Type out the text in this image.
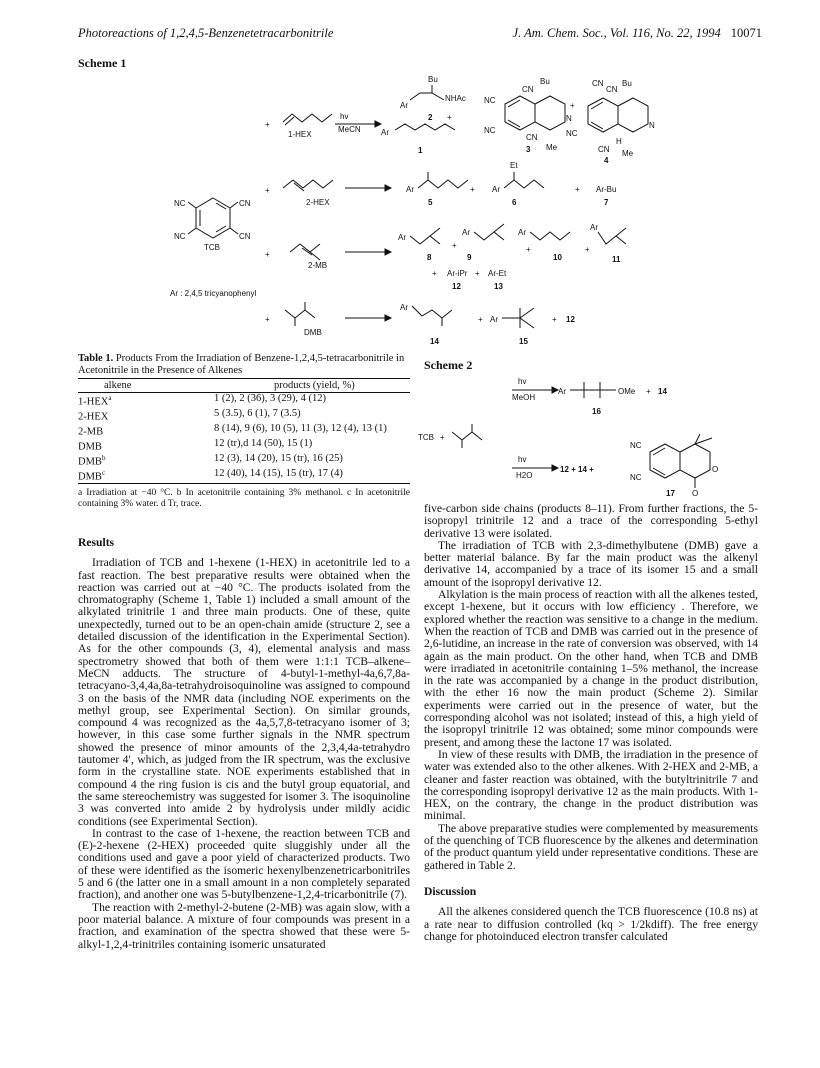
Photoreactions of 1,2,4,5-Benzenetetracarbonitrile	J. Am. Chem. Soc., Vol. 116, No. 22, 1994 10071
Scheme 1
NC	CN
NC	CN
TCB
Ar : 2,4,5 tricyanophenyl
+
1-HEX
hv
MeCN
Bu
Ar
NHAc
2 +
Ar
1
NC
NC
CN
CN
Bu
N
Me
3
+
CN
CN
Bu
NC
N
H
CN Me
4
+
2-HEX
Ar	+
5
Ar
Et
6
+ Ar-Bu
7
+
2-MB
Ar
8
+
Ar
9
+
Ar
10
+
Ar
11
+ Ar-iPr + Ar-Et
12	13
+
DMB
Ar
14
+ Ar
15
+ 12
Table 1. Products From the Irradiation of Benzene-1,2,4,5-tetracarbonitrile in Acetonitrile in the Presence of Alkenes
alkene	products (yield, %)
1-HEX$^a$	1 (2), 2 (36), 3 (29), 4 (12)
2-HEX	5 (3.5), 6 (1), 7 (3.5)
2-MB	8 (14), 9 (6), 10 (5), 11 (3), 12 (4), 13 (1)
DMB	12 (tr),d 14 (50), 15 (1)
DMB$^b$	12 (3), 14 (20), 15 (tr), 16 (25)
DMB$^c$	12 (40), 14 (15), 15 (tr), 17 (4)
a Irradiation at −40 °C. b In acetonitrile containing 3% methanol. c In acetonitrile containing 3% water. d Tr, trace.
Scheme 2
TCB +
hv
MeOH
Ar	OMe + 14
16
hv
H2O
12 + 14 +
NC
NC
O
O
17
Results

Irradiation of TCB and 1-hexene (1-HEX) in acetonitrile led to a fast reaction. The best preparative results were obtained when the reaction was carried out at −40 °C. The products isolated from the chromatography (Scheme 1, Table 1) included a small amount of the alkylated trinitrile 1 and three main products. One of these, quite unexpectedly, turned out to be an open-chain amide (structure 2, see a detailed discussion of the identification in the Experimental Section). As for the other compounds (3, 4), elemental analysis and mass spectrometry showed that both of them were 1:1:1 TCB–alkene–MeCN adducts. The structure of 4-butyl-1-methyl-4a,6,7,8a-tetracyano-3,4,4a,8a-tetrahydroisoquinoline was assigned to compound 3 on the basis of the NMR data (including NOE experiments on the methyl group, see Experimental Section). On similar grounds, compound 4 was recognized as the 4a,5,7,8-tetracyano isomer of 3; however, in this case some further signals in the NMR spectrum showed the presence of minor amounts of the 2,3,4,4a-tetrahydro tautomer 4′, which, as judged from the IR spectrum, was the exclusive form in the crystalline state. NOE experiments established that in compound 4 the ring fusion is cis and the butyl group equatorial, and the same stereochemistry was suggested for isomer 3. The isoquinoline 3 was converted into amide 2 by hydrolysis under mildly acidic conditions (see Experimental Section).

In contrast to the case of 1-hexene, the reaction between TCB and (E)-2-hexene (2-HEX) proceeded quite sluggishly under all the conditions used and gave a poor yield of characterized products. Two of these were identified as the isomeric hexenylbenzenetricarbonitriles 5 and 6 (the latter one in a small amount in a non completely separated fraction), and another one was 5-butylbenzene-1,2,4-tricarbonitrile (7).

The reaction with 2-methyl-2-butene (2-MB) was again slow, with a poor material balance. A mixture of four compounds was present in a fraction, and examination of the spectra showed that these were 5-alkyl-1,2,4-trinitriles containing isomeric unsaturated

five-carbon side chains (products 8–11). From further fractions, the 5-isopropyl trinitrile 12 and a trace of the corresponding 5-ethyl derivative 13 were isolated.

The irradiation of TCB with 2,3-dimethylbutene (DMB) gave a better material balance. By far the main product was the alkenyl derivative 14, accompanied by a trace of its isomer 15 and a small amount of the isopropyl derivative 12.

Alkylation is the main process of reaction with all the alkenes tested, except 1-hexene, but it occurs with low efficiency . Therefore, we explored whether the reaction was sensitive to a change in the medium. When the reaction of TCB and DMB was carried out in the presence of 2,6-lutidine, an increase in the rate of conversion was observed, with 14 again as the main product. On the other hand, when TCB and DMB were irradiated in acetonitrile containing 1–5% methanol, the increase in the rate was accompanied by a change in the product distribution, with the ether 16 now the main product (Scheme 2). Similar experiments were carried out in the presence of water, but the corresponding alcohol was not isolated; instead of this, a high yield of the isopropyl trinitrile 12 was obtained; some minor compounds were present, and among these the lactone 17 was isolated.

In view of these results with DMB, the irradiation in the presence of water was extended also to the other alkenes. With 2-HEX and 2-MB, a cleaner and faster reaction was obtained, with the butyltrinitrile 7 and the corresponding isopropyl derivative 12 as the main products. With 1-HEX, on the contrary, the change in the product distribution was minimal.

The above preparative studies were complemented by measurements of the quenching of TCB fluorescence by the alkenes and determination of the product quantum yield under representative conditions. These are gathered in Table 2.

Discussion

All the alkenes considered quench the TCB fluorescence (10.8 ns) at a rate near to diffusion controlled (kq > 1/2kdiff). The free energy change for photoinduced electron transfer calculated
